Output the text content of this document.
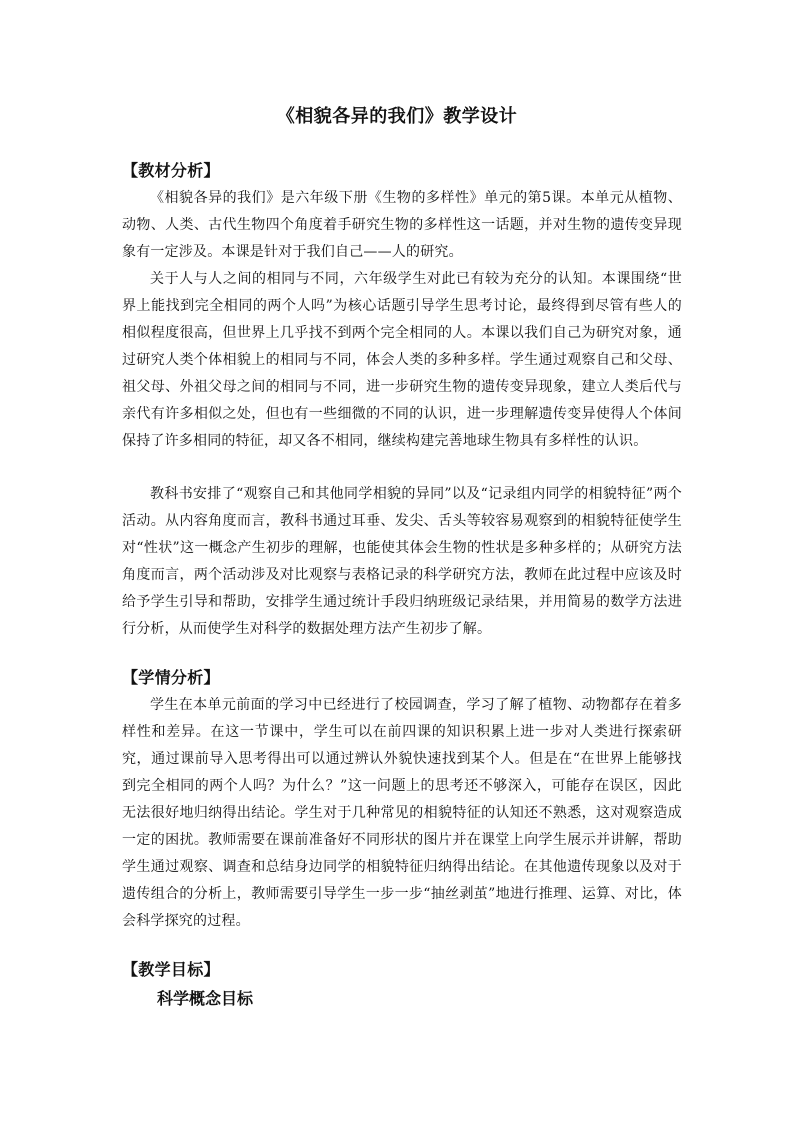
《相貌各异的我们》教学设计
【教材分析】
《相貌各异的我们》是六年级下册《生物的多样性》单元的第5课。本单元从植物、动物、人类、古代生物四个角度着手研究生物的多样性这一话题，并对生物的遗传变异现象有一定涉及。本课是针对于我们自己——人的研究。
关于人与人之间的相同与不同，六年级学生对此已有较为充分的认知。本课围绕“世界上能找到完全相同的两个人吗”为核心话题引导学生思考讨论，最终得到尽管有些人的相似程度很高，但世界上几乎找不到两个完全相同的人。本课以我们自己为研究对象，通过研究人类个体相貌上的相同与不同，体会人类的多种多样。学生通过观察自己和父母、祖父母、外祖父母之间的相同与不同，进一步研究生物的遗传变异现象，建立人类后代与亲代有许多相似之处，但也有一些细微的不同的认识，进一步理解遗传变异使得人个体间保持了许多相同的特征，却又各不相同，继续构建完善地球生物具有多样性的认识。
教科书安排了“观察自己和其他同学相貌的异同”以及“记录组内同学的相貌特征”两个活动。从内容角度而言，教科书通过耳垂、发尖、舌头等较容易观察到的相貌特征使学生对“性状”这一概念产生初步的理解，也能使其体会生物的性状是多种多样的；从研究方法角度而言，两个活动涉及对比观察与表格记录的科学研究方法，教师在此过程中应该及时给予学生引导和帮助，安排学生通过统计手段归纳班级记录结果，并用简易的数学方法进行分析，从而使学生对科学的数据处理方法产生初步了解。
【学情分析】
学生在本单元前面的学习中已经进行了校园调查，学习了解了植物、动物都存在着多样性和差异。在这一节课中，学生可以在前四课的知识积累上进一步对人类进行探索研究，通过课前导入思考得出可以通过辨认外貌快速找到某个人。但是在“在世界上能够找到完全相同的两个人吗？为什么？”这一问题上的思考还不够深入，可能存在误区，因此无法很好地归纳得出结论。学生对于几种常见的相貌特征的认知还不熟悉，这对观察造成一定的困扰。教师需要在课前准备好不同形状的图片并在课堂上向学生展示并讲解，帮助学生通过观察、调查和总结身边同学的相貌特征归纳得出结论。在其他遗传现象以及对于遗传组合的分析上，教师需要引导学生一步一步“抽丝剥茧”地进行推理、运算、对比，体会科学探究的过程。
【教学目标】
科学概念目标
